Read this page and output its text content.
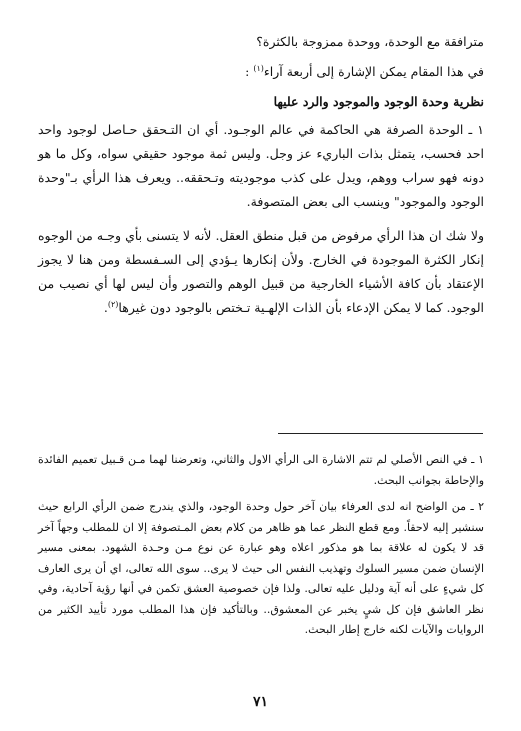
مترافقة مع الوحدة، ووحدة ممزوجة بالكثرة؟

في هذا المقام يمكن الإشارة إلى أربعة آراء$^{(١)}$ :

نظرية وحدة الوجود والموجود والرد عليها

١ ـ الوحدة الصرفة هي الحاكمة في عالم الوجـود. أي ان التـحقق حـاصل لوجود واحد احد فحسب، يتمثل بذات الباريء عز وجل. وليس ثمة موجود حقيقي سواه، وكل ما هو دونه فهو سراب ووهم، ويدل على كذب موجوديته وتـحققه.. ويعرف هذا الرأي بـ"وحدة الوجود والموجود" وينسب الى بعض المتصوفة.

ولا شك ان هذا الرأي مرفوض من قبل منطق العقل. لأنه لا يتسنى بأي وجـه من الوجوه إنكار الكثرة الموجودة في الخارج. ولأن إنكارها يـؤدي إلى السـفسطة ومن هنا لا يجوز الإعتقاد بأن كافة الأشياء الخارجية من قبيل الوهم والتصور وأن ليس لها أي نصيب من الوجود. كما لا يمكن الإدعاء بأن الذات الإلهـية تـختص بالوجود دون غيرها$^{(٢)}$.

١ ـ في النص الأصلي لم تتم الاشارة الى الرأي الاول والثاني، وتعرضنا لهما مـن قـبيل تعميم الفائدة والإحاطة بجوانب البحث.

٢ ـ من الواضح انه لدى العرفاء بيان آخر حول وحدة الوجود، والذي يندرج ضمن الرأي الرابع حيث سنشير إليه لاحقاً. ومع قطع النظر عما هو ظاهر من كلام بعض المـتصوفة إلا ان للمطلب وجهاً آخر قد لا يكون له علاقة بما هو مذكور اعلاه وهو عبارة عن نوع مـن وحـدة الشهود. بمعنى مسير الإنسان ضمن مسير السلوك وتهذيب النفس الى حيث لا يرى.. سوى الله تعالى، اي أن يرى العارف كل شيءٍ على أنه آية ودليل عليه تعالى. ولذا فإن خصوصية العشق تكمن في أنها رؤية آحادية، وفي نظر العاشق فإن كل شيٍ يخبر عن المعشوق.. وبالتأكيد فإن هذا المطلب مورد تأييد الكثير من الروايات والآيات لكنه خارج إطار البحث.

٧١
